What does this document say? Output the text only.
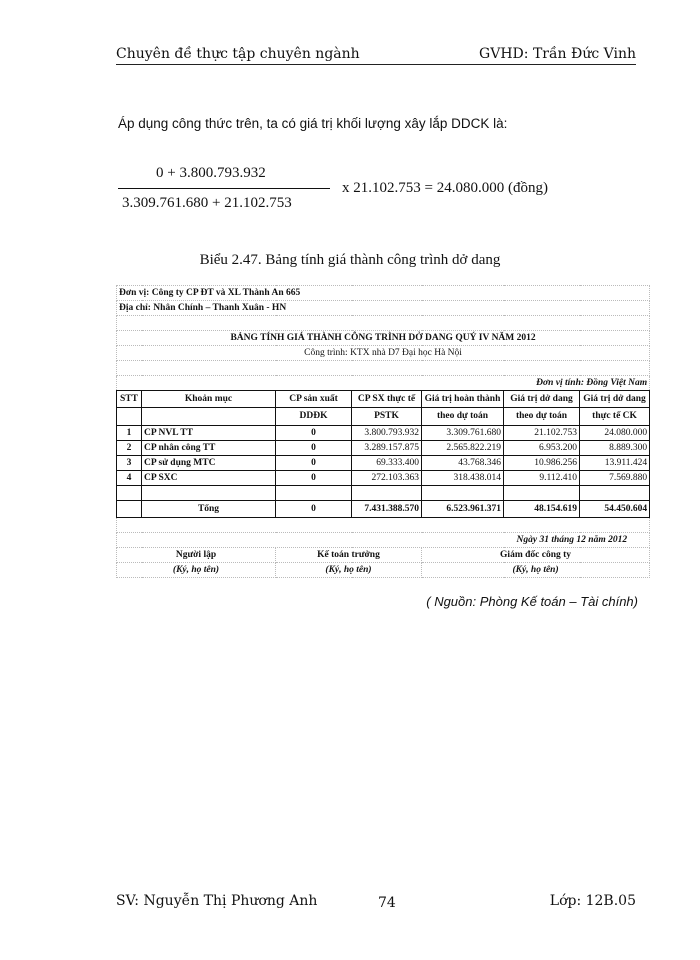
Chuyên đề thực tập chuyên ngành	GVHD: Trần Đức Vinh
Áp dụng công thức trên, ta có giá trị khối lượng xây lắp DDCK là:
0 + 3.800.793.932
3.309.761.680 + 21.102.753
x 21.102.753 = 24.080.000 (đồng)
Biểu 2.47. Bảng tính giá thành công trình dở dang
Đơn vị: Công ty CP ĐT và XL Thành An 665						
Địa chỉ: Nhân Chính – Thanh Xuân - HN						

BẢNG TÍNH GIÁ THÀNH CÔNG TRÌNH DỞ DANG QUÝ IV NĂM 2012						
Công trình: KTX nhà D7 Đại học Hà Nội						

Đơn vị tính: Đồng Việt Nam						
STT	Khoản mục	CP sản xuất	CP SX thực tế	Giá trị hoàn thành	Giá trị dở dang	Giá trị dở dang
		DDĐK	PSTK	theo dự toán	theo dự toán	thực tế CK
1	CP NVL TT	0	3.800.793.932	3.309.761.680	21.102.753	24.080.000
2	CP nhân công TT	0	3.289.157.875	2.565.822.219	6.953.200	8.889.300
3	CP sử dụng MTC	0	69.333.400	43.768.346	10.986.256	13.911.424
4	CP SXC	0	272.103.363	318.438.014	9.112.410	7.569.880

	Tổng	0	7.431.388.570	6.523.961.371	48.154.619	54.450.604

Ngày 31 tháng 12 năm 2012						
Người lập		Kế toán trưởng		Giám đốc công ty		
(Ký, họ tên)		(Ký, họ tên)		(Ký, họ tên)		
( Nguồn: Phòng Kế toán – Tài chính)
SV: Nguyễn Thị Phương Anh	74	Lớp: 12B.05
